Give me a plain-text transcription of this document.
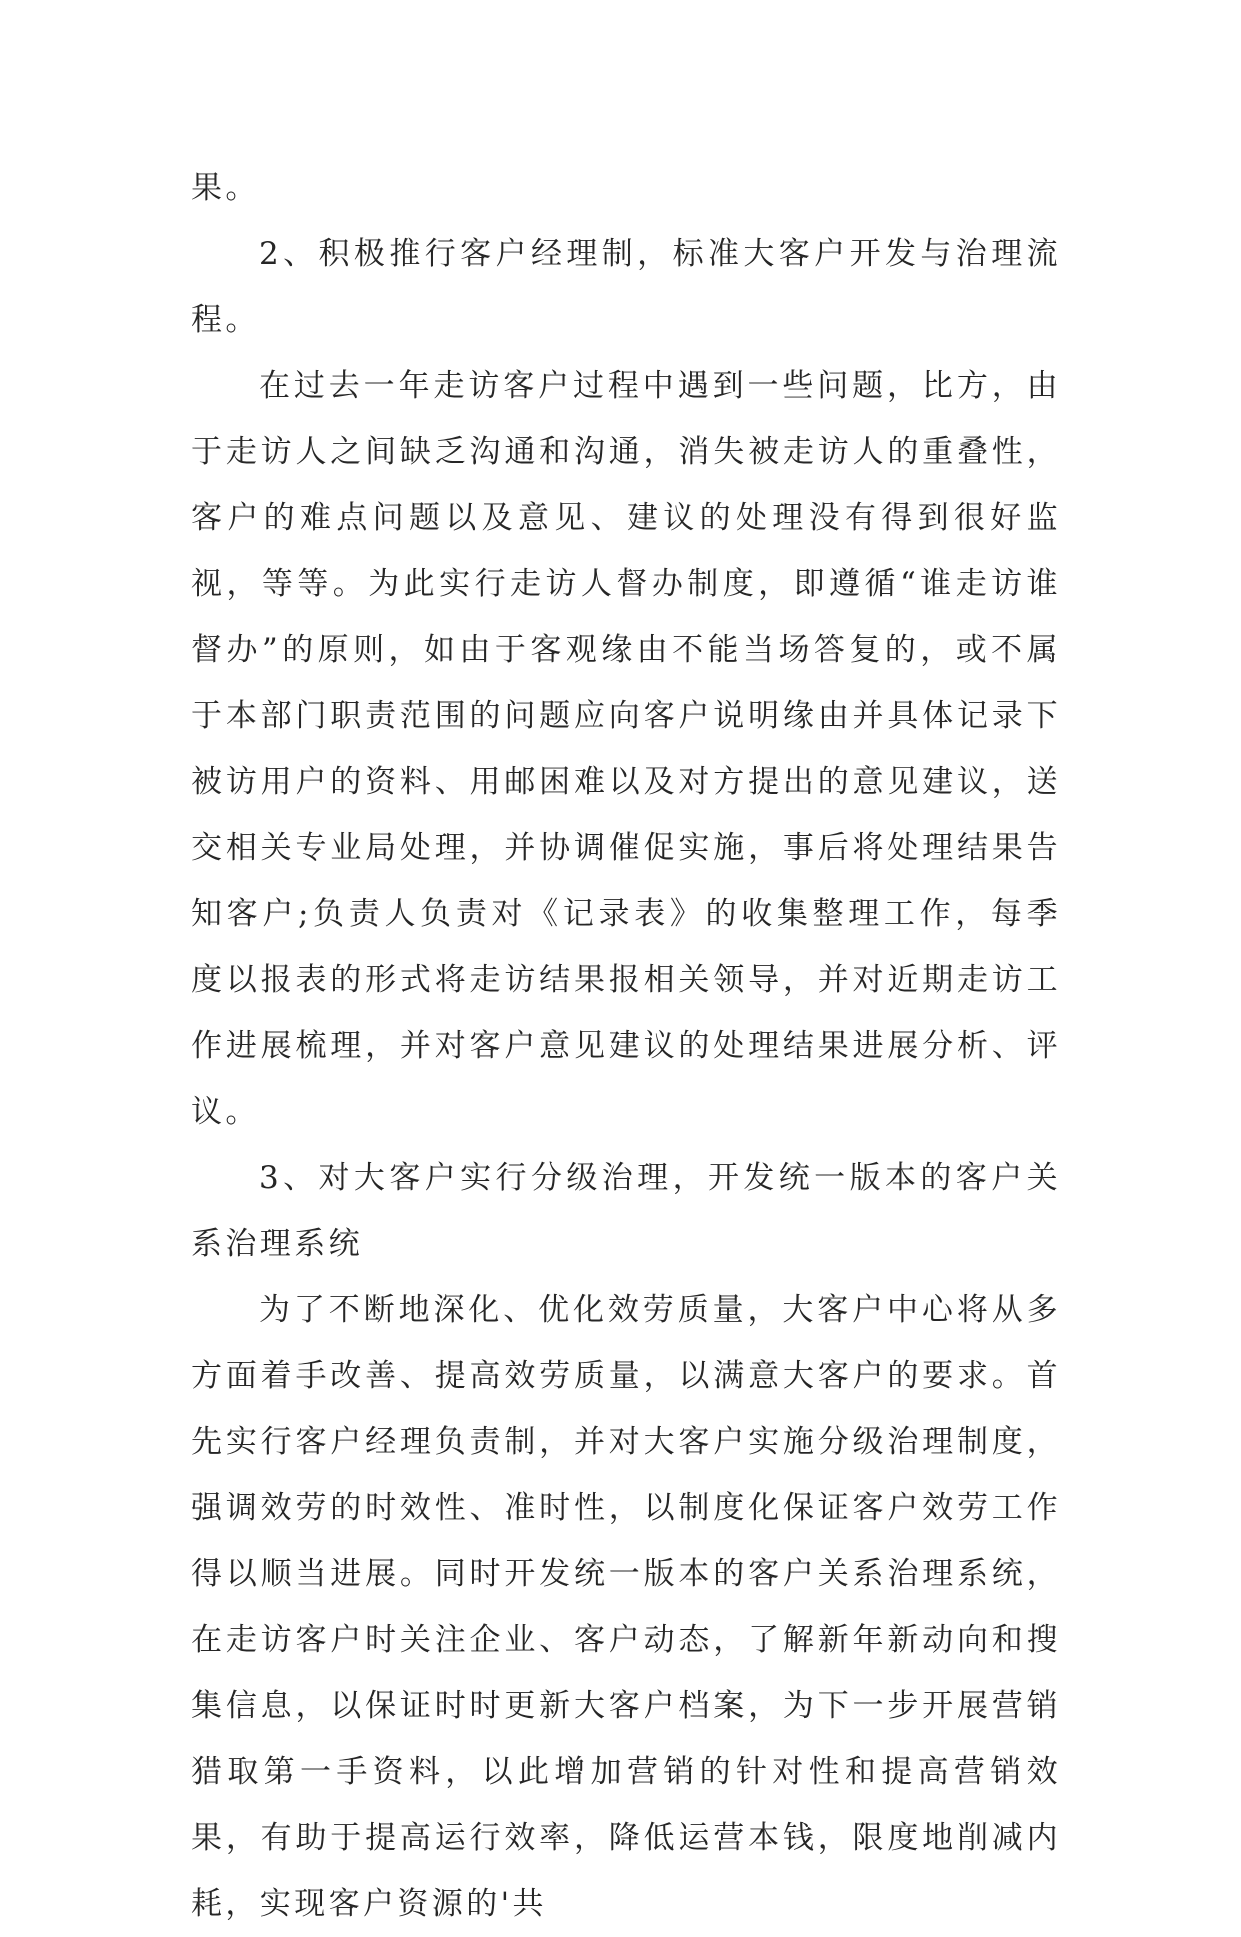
果。

2、积极推行客户经理制，标准大客户开发与治理流程。

在过去一年走访客户过程中遇到一些问题，比方，由于走访人之间缺乏沟通和沟通，消失被走访人的重叠性，客户的难点问题以及意见、建议的处理没有得到很好监视，等等。为此实行走访人督办制度，即遵循“谁走访谁督办”的原则，如由于客观缘由不能当场答复的，或不属于本部门职责范围的问题应向客户说明缘由并具体记录下被访用户的资料、用邮困难以及对方提出的意见建议，送交相关专业局处理，并协调催促实施，事后将处理结果告知客户;负责人负责对《记录表》的收集整理工作，每季度以报表的形式将走访结果报相关领导，并对近期走访工作进展梳理，并对客户意见建议的处理结果进展分析、评议。

3、对大客户实行分级治理，开发统一版本的客户关系治理系统

为了不断地深化、优化效劳质量，大客户中心将从多方面着手改善、提高效劳质量，以满意大客户的要求。首先实行客户经理负责制，并对大客户实施分级治理制度，强调效劳的时效性、准时性，以制度化保证客户效劳工作得以顺当进展。同时开发统一版本的客户关系治理系统，在走访客户时关注企业、客户动态，了解新年新动向和搜集信息，以保证时时更新大客户档案，为下一步开展营销猎取第一手资料，以此增加营销的针对性和提高营销效果，有助于提高运行效率，降低运营本钱，限度地削减内耗，实现客户资源的'共
